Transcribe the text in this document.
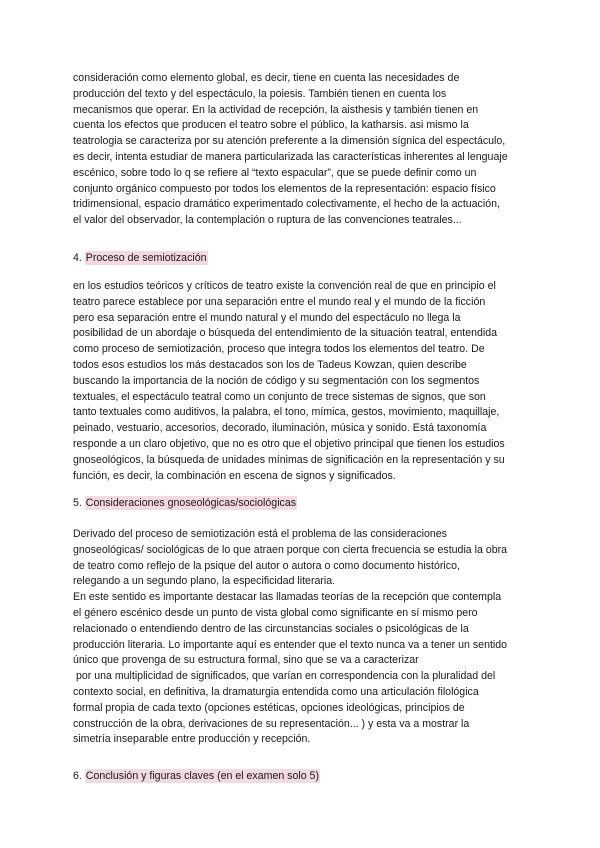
consideración como elemento global, es decir, tiene en cuenta las necesidades de
producción del texto y del espectáculo, la poiesis. También tienen en cuenta los
mecanismos que operar. En la actividad de recepción, la aisthesis y también tienen en
cuenta los efectos que producen el teatro sobre el público, la katharsis. asi mismo la
teatrologia se caracteriza por su atención preferente a la dimensión sígnica del espectáculo,
es decir, intenta estudiar de manera particularizada las características inherentes al lenguaje
escénico, sobre todo lo q se refiere al “texto espacular”, que se puede definir como un
conjunto orgánico compuesto por todos los elementos de la representación: espacio físico
tridimensional, espacio dramático experimentado colectivamente, el hecho de la actuación,
el valor del observador, la contemplación o ruptura de las convenciones teatrales...
4. Proceso de semiotización
en los estudios teóricos y críticos de teatro existe la convención real de que en principio el
teatro parece establece por una separación entre el mundo real y el mundo de la ficción
pero esa separación entre el mundo natural y el mundo del espectáculo no llega la
posibilidad de un abordaje o búsqueda del entendimiento de la situación teatral, entendida
como proceso de semiotización, proceso que integra todos los elementos del teatro. De
todos esos estudios los más destacados son los de Tadeus Kowzan, quien describe
buscando la importancia de la noción de código y su segmentación con los segmentos
textuales, el espectáculo teatral como un conjunto de trece sistemas de signos, que son
tanto textuales como auditivos, la palabra, el tono, mímica, gestos, movimiento, maquillaje,
peinado, vestuario, accesorios, decorado, iluminación, música y sonido. Está taxonomía
responde a un claro objetivo, que no es otro que el objetivo principal que tienen los estudios
gnoseológicos, la búsqueda de unidades mínimas de significación en la representación y su
función, es decir, la combinación en escena de signos y significados.
5. Consideraciones gnoseológicas/sociológicas
Derivado del proceso de semiotización está el problema de las consideraciones
gnoseológicas/ sociológicas de lo que atraen porque con cierta frecuencia se estudia la obra
de teatro como reflejo de la psique del autor o autora o como documento histórico,
relegando a un segundo plano, la especificidad literaria.
En este sentido es importante destacar las llamadas teorías de la recepción que contempla
el género escénico desde un punto de vista global como significante en sí mismo pero
relacionado o entendiendo dentro de las circunstancias sociales o psicológicas de la
producción literaria. Lo importante aquí es entender que el texto nunca va a tener un sentido
único que provenga de su estructura formal, sino que se va a caracterizar
por una multiplicidad de significados, que varían en correspondencia con la pluralidad del
contexto social, en definitiva, la dramaturgia entendida como una articulación filológica
formal propia de cada texto (opciones estéticas, opciones ideológicas, principios de
construcción de la obra, derivaciones de su representación... ) y esta va a mostrar la
simetría inseparable entre producción y recepción.
6. Conclusión y figuras claves (en el examen solo 5)
